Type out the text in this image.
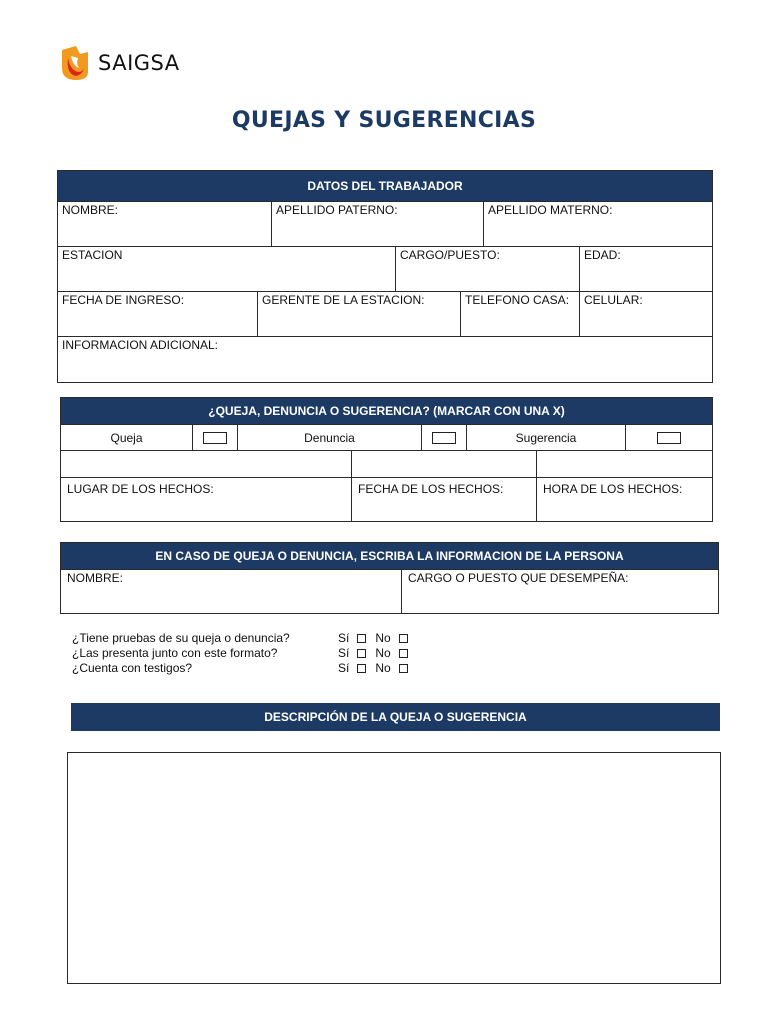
SAIGSA
QUEJAS Y SUGERENCIAS
DATOS DEL TRABAJADOR
NOMBRE:	APELLIDO PATERNO:	APELLIDO MATERNO:
ESTACION	CARGO/PUESTO:	EDAD:
FECHA DE INGRESO:	GERENTE DE LA ESTACION:	TELEFONO CASA:	CELULAR:
INFORMACION ADICIONAL:
¿QUEJA, DENUNCIA O SUGERENCIA? (MARCAR CON UNA X)
Queja	Denuncia	Sugerencia
LUGAR DE LOS HECHOS:	FECHA DE LOS HECHOS:	HORA DE LOS HECHOS:
EN CASO DE QUEJA O DENUNCIA, ESCRIBA LA INFORMACION DE LA PERSONA
NOMBRE:	CARGO O PUESTO QUE DESEMPEÑA:
¿Tiene pruebas de su queja o denuncia?	Sí No
¿Las presenta junto con este formato?	Sí No
¿Cuenta con testigos?	Sí No
DESCRIPCIÓN DE LA QUEJA O SUGERENCIA
